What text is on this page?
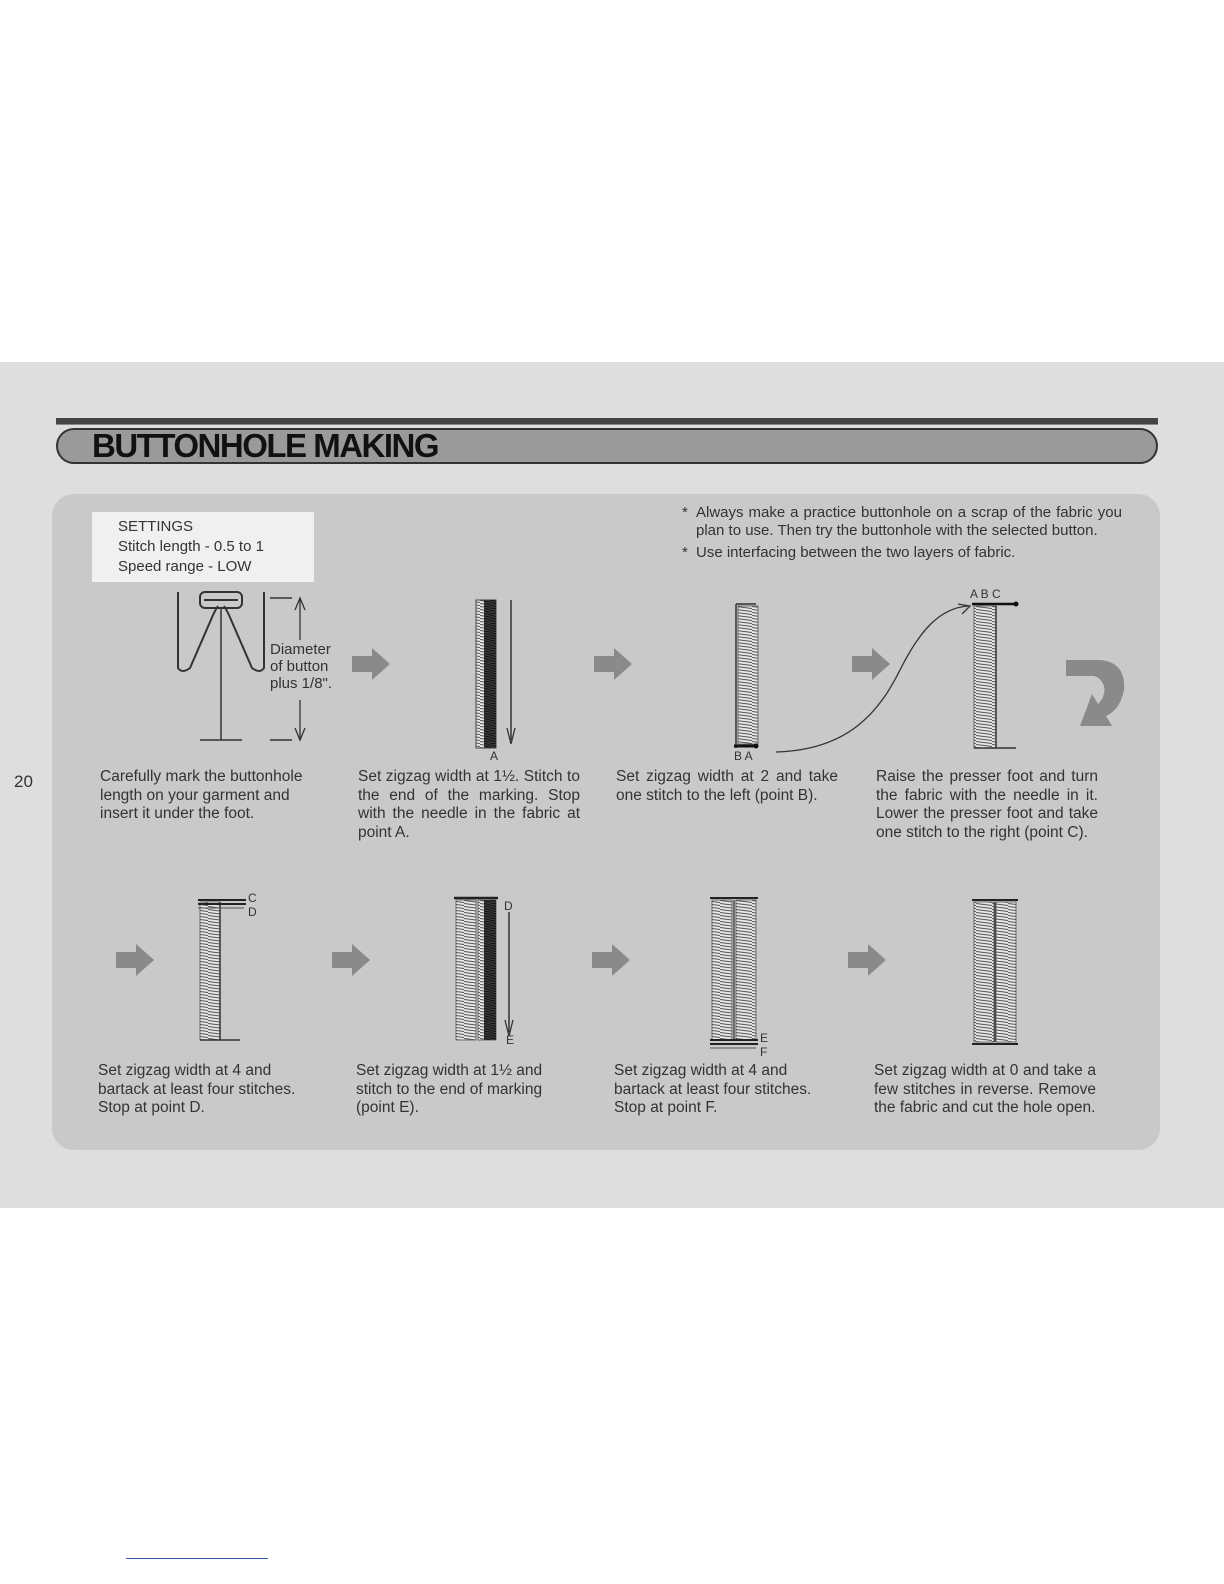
BUTTONHOLE MAKING
20
SETTINGS
Stitch length - 0.5 to 1
Speed range - LOW

* Always make a practice buttonhole on a scrap of the fabric you plan to use. Then try the buttonhole with the selected button.

* Use interfacing between the two layers of fabric.

Diameter
of button
plus 1/8".
A	B A
A B C
C
D	D
E	E
F

Carefully mark the buttonhole length on your garment and insert it under the foot.

Set zigzag width at 1½. Stitch to the end of the marking. Stop with the needle in the fabric at point A.

Set zigzag width at 2 and take one stitch to the left (point B).

Raise the presser foot and turn the fabric with the needle in it. Lower the presser foot and take one stitch to the right (point C).

Set zigzag width at 4 and bartack at least four stitches. Stop at point D.

Set zigzag width at 1½ and stitch to the end of marking (point E).

Set zigzag width at 4 and bartack at least four stitches. Stop at point F.

Set zigzag width at 0 and take a few stitches in reverse. Remove the fabric and cut the hole open.
